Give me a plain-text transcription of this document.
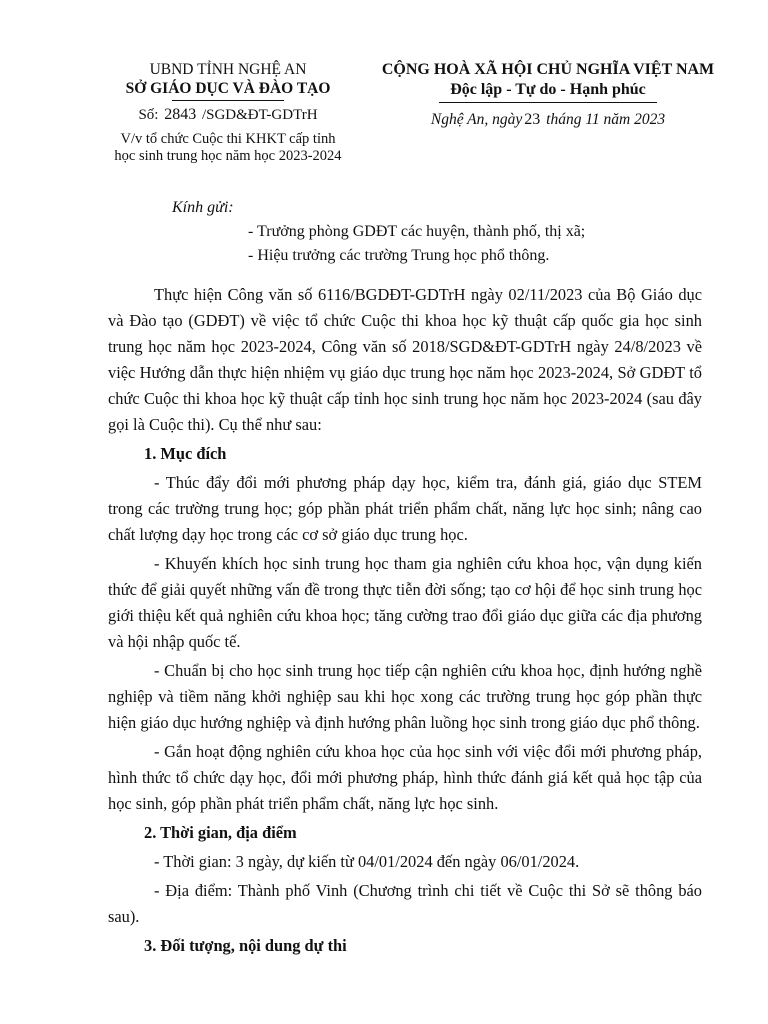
UBND TỈNH NGHỆ AN
SỞ GIÁO DỤC VÀ ĐÀO TẠO
Số: 2843 /SGD&ĐT-GDTrH
V/v tổ chức Cuộc thi KHKT cấp tỉnh
học sinh trung học năm học 2023-2024
CỘNG HOÀ XÃ HỘI CHỦ NGHĨA VIỆT NAM
Độc lập - Tự do - Hạnh phúc
Nghệ An, ngày 23 tháng 11 năm 2023
Kính gửi:
- Trưởng phòng GDĐT các huyện, thành phố, thị xã;
- Hiệu trưởng các trường Trung học phổ thông.

Thực hiện Công văn số 6116/BGDĐT-GDTrH ngày 02/11/2023 của Bộ Giáo dục và Đào tạo (GDĐT) về việc tổ chức Cuộc thi khoa học kỹ thuật cấp quốc gia học sinh trung học năm học 2023-2024, Công văn số 2018/SGD&ĐT-GDTrH ngày 24/8/2023 về việc Hướng dẫn thực hiện nhiệm vụ giáo dục trung học năm học 2023-2024, Sở GDĐT tổ chức Cuộc thi khoa học kỹ thuật cấp tỉnh học sinh trung học năm học 2023-2024 (sau đây gọi là Cuộc thi). Cụ thể như sau:

1. Mục đích

- Thúc đẩy đổi mới phương pháp dạy học, kiểm tra, đánh giá, giáo dục STEM trong các trường trung học; góp phần phát triển phẩm chất, năng lực học sinh; nâng cao chất lượng dạy học trong các cơ sở giáo dục trung học.

- Khuyến khích học sinh trung học tham gia nghiên cứu khoa học, vận dụng kiến thức để giải quyết những vấn đề trong thực tiễn đời sống; tạo cơ hội để học sinh trung học giới thiệu kết quả nghiên cứu khoa học; tăng cường trao đổi giáo dục giữa các địa phương và hội nhập quốc tế.

- Chuẩn bị cho học sinh trung học tiếp cận nghiên cứu khoa học, định hướng nghề nghiệp và tiềm năng khởi nghiệp sau khi học xong các trường trung học góp phần thực hiện giáo dục hướng nghiệp và định hướng phân luồng học sinh trong giáo dục phổ thông.

- Gắn hoạt động nghiên cứu khoa học của học sinh với việc đổi mới phương pháp, hình thức tổ chức dạy học, đổi mới phương pháp, hình thức đánh giá kết quả học tập của học sinh, góp phần phát triển phẩm chất, năng lực học sinh.

2. Thời gian, địa điểm

- Thời gian: 3 ngày, dự kiến từ 04/01/2024 đến ngày 06/01/2024.

- Địa điểm: Thành phố Vinh (Chương trình chi tiết về Cuộc thi Sở sẽ thông báo sau).

3. Đối tượng, nội dung dự thi
